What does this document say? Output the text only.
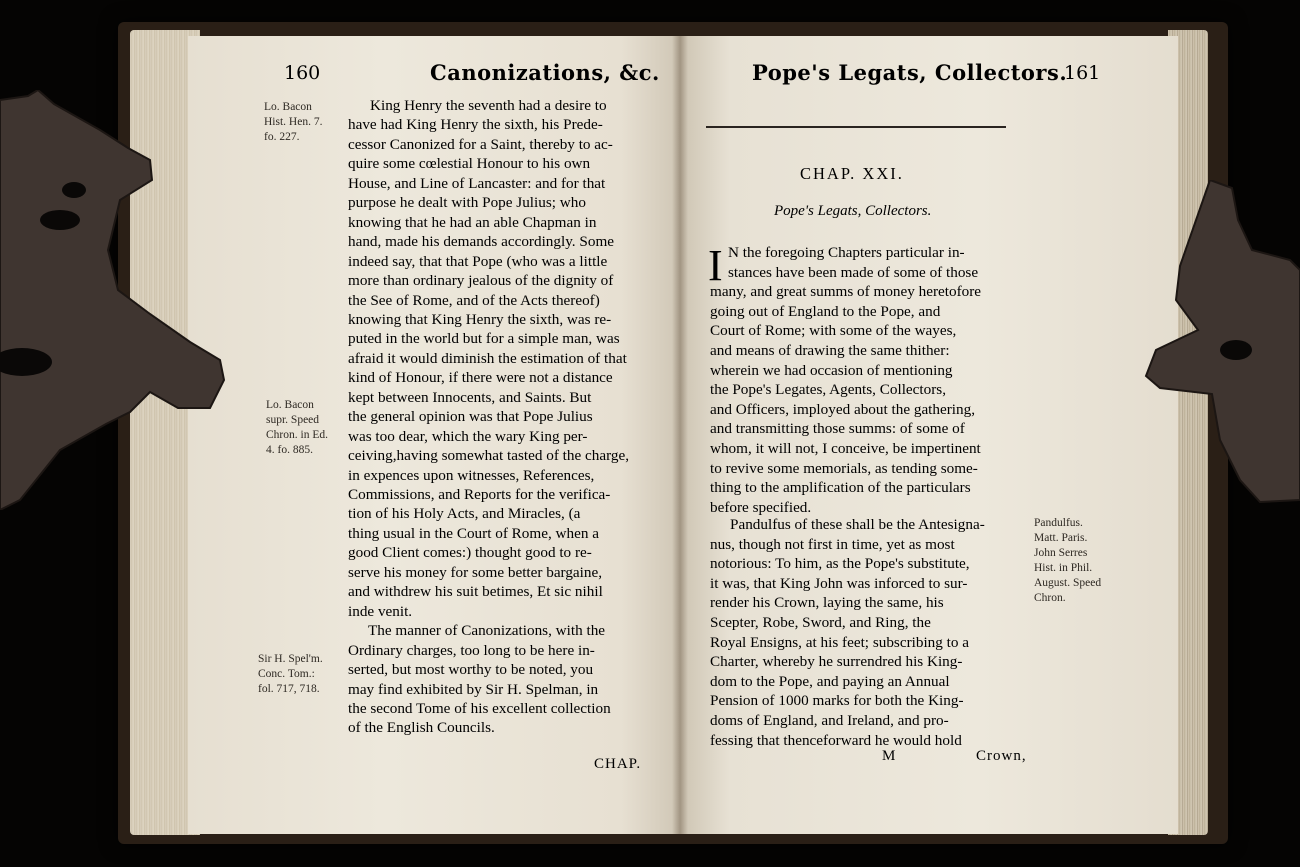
160	Canonizations, &c.
Lo. Bacon
Hist. Hen. 7.
fo. 227.
Lo. Bacon
supr. Speed
Chron. in Ed.
4. fo. 885.
Sir H. Spel'm.
Conc. Tom.:
fol. 717, 718.
King Henry the seventh had a desire to
have had King Henry the sixth, his Prede-
cessor Canonized for a Saint, thereby to ac-
quire some cœlestial Honour to his own
House, and Line of Lancaster: and for that
purpose he dealt with Pope Julius; who
knowing that he had an able Chapman in
hand, made his demands accordingly. Some
indeed say, that that Pope (who was a little
more than ordinary jealous of the dignity of
the See of Rome, and of the Acts thereof)
knowing that King Henry the sixth, was re-
puted in the world but for a simple man, was
afraid it would diminish the estimation of that
kind of Honour, if there were not a distance
kept between Innocents, and Saints. But
the general opinion was that Pope Julius
was too dear, which the wary King per-
ceiving,having somewhat tasted of the charge,
in expences upon witnesses, References,
Commissions, and Reports for the verifica-
tion of his Holy Acts, and Miracles, (a
thing usual in the Court of Rome, when a
good Client comes:) thought good to re-
serve his money for some better bargaine,
and withdrew his suit betimes, Et sic nihil
inde venit.
The manner of Canonizations, with the
Ordinary charges, too long to be here in-
serted, but most worthy to be noted, you
may find exhibited by Sir H. Spelman, in
the second Tome of his excellent collection
of the English Councils.
CHAP.
Pope's Legats, Collectors.
161
CHAP. XXI.
Pope's Legats, Collectors.
I
Pandulfus.
Matt. Paris.
John Serres
Hist. in Phil.
August. Speed
Chron.
N the foregoing Chapters particular in-
stances have been made of some of those
many, and great summs of money heretofore
going out of England to the Pope, and
Court of Rome; with some of the wayes,
and means of drawing the same thither:
wherein we had occasion of mentioning
the Pope's Legates, Agents, Collectors,
and Officers, imployed about the gathering,
and transmitting those summs: of some of
whom, it will not, I conceive, be impertinent
to revive some memorials, as tending some-
thing to the amplification of the particulars
before specified.
Pandulfus of these shall be the Antesigna-
nus, though not first in time, yet as most
notorious: To him, as the Pope's substitute,
it was, that King John was inforced to sur-
render his Crown, laying the same, his
Scepter, Robe, Sword, and Ring, the
Royal Ensigns, at his feet; subscribing to a
Charter, whereby he surrendred his King-
dom to the Pope, and paying an Annual
Pension of 1000 marks for both the King-
doms of England, and Ireland, and pro-
fessing that thenceforward he would hold
M	Crown,
